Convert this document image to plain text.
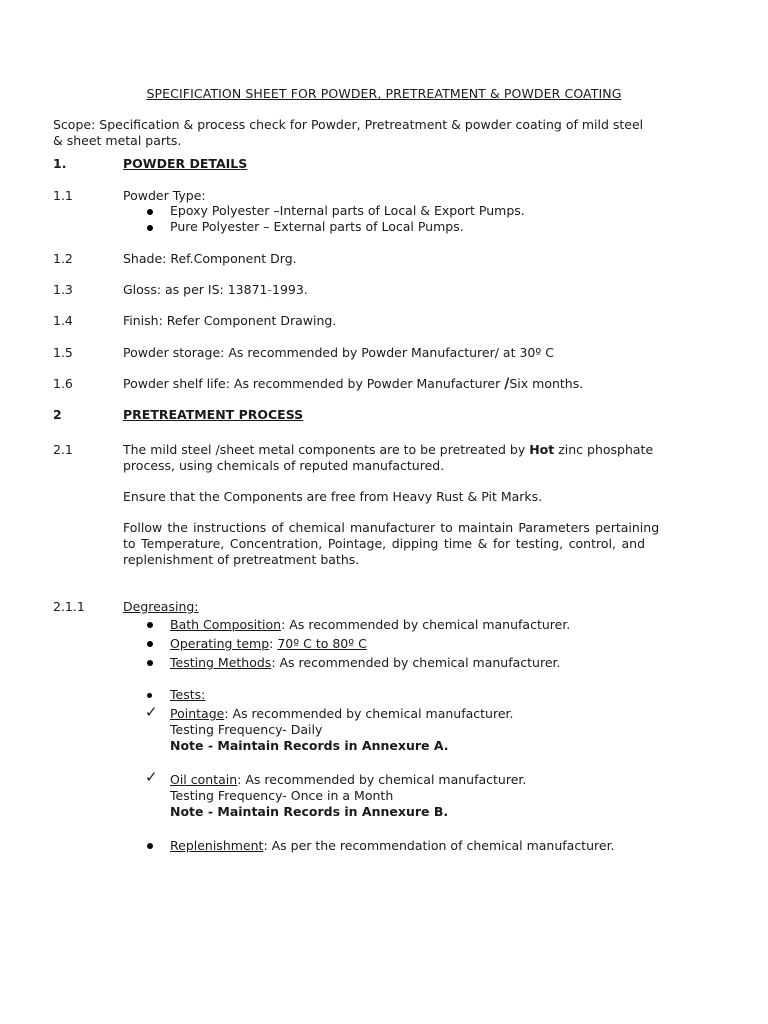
SPECIFICATION SHEET FOR POWDER, PRETREATMENT & POWDER COATING
Scope: Specification & process check for Powder, Pretreatment & powder coating of mild steel
& sheet metal parts.
1.	POWDER DETAILS
1.1	Powder Type:
Epoxy Polyester –Internal parts of Local & Export Pumps.
Pure Polyester – External parts of Local Pumps.
1.2	Shade: Ref.Component Drg.
1.3	Gloss: as per IS: 13871-1993.
1.4	Finish: Refer Component Drawing.
1.5	Powder storage: As recommended by Powder Manufacturer/ at 30º C
1.6	Powder shelf life: As recommended by Powder Manufacturer /Six months.
2	PRETREATMENT PROCESS
2.1	The mild steel /sheet metal components are to be pretreated by Hot zinc phosphate
process, using chemicals of reputed manufactured.
Ensure that the Components are free from Heavy Rust & Pit Marks.
Follow the instructions of chemical manufacturer to maintain Parameters pertaining
to Temperature, Concentration, Pointage, dipping time & for testing, control, and
replenishment of pretreatment baths.
2.1.1	Degreasing:
Bath Composition: As recommended by chemical manufacturer.
Operating temp: 70º C to 80º C
Testing Methods: As recommended by chemical manufacturer.
Tests:
✓ Pointage: As recommended by chemical manufacturer.
Testing Frequency- Daily
Note - Maintain Records in Annexure A.
✓ Oil contain: As recommended by chemical manufacturer.
Testing Frequency- Once in a Month
Note - Maintain Records in Annexure B.
Replenishment: As per the recommendation of chemical manufacturer.
